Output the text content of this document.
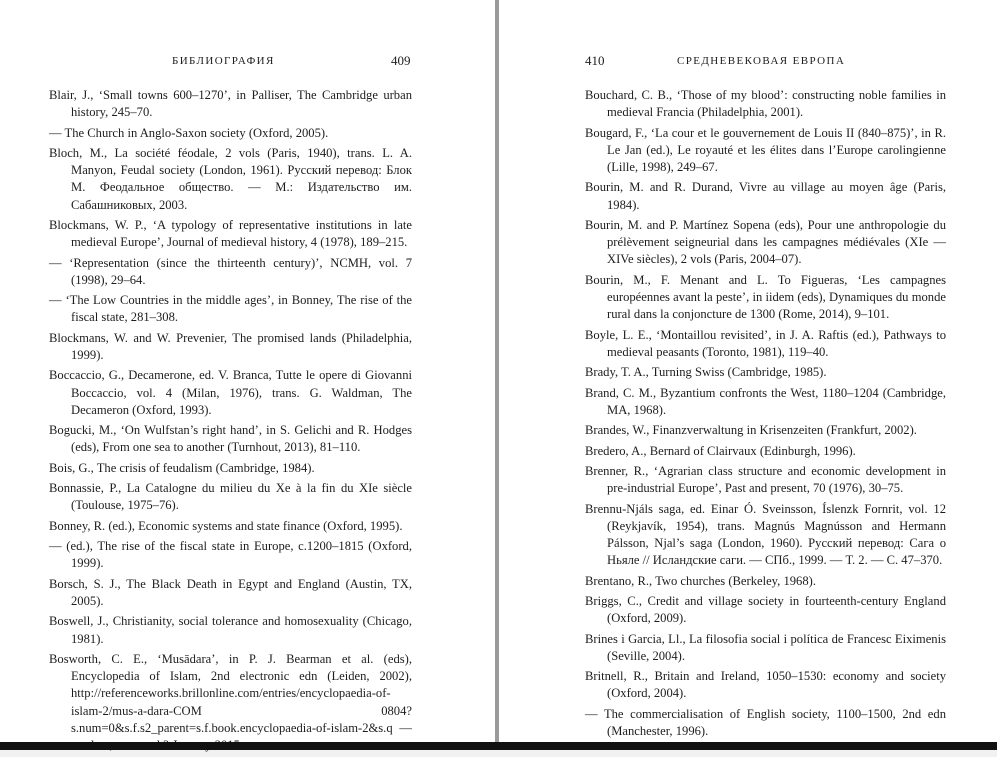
БИБЛИОГРАФИЯ	409

Blair, J., ‘Small towns 600–1270’, in Palliser, The Cambridge urban history, 245–70.

— The Church in Anglo-Saxon society (Oxford, 2005).

Bloch, M., La société féodale, 2 vols (Paris, 1940), trans. L. A. Manyon, Feudal society (London, 1961). Русский перевод: Блок М. Феодальное общество. — М.: Издательство им. Сабашниковых, 2003.

Blockmans, W. P., ‘A typology of representative institutions in late medieval Europe’, Journal of medieval history, 4 (1978), 189–215.

— ‘Representation (since the thirteenth century)’, NCMH, vol. 7 (1998), 29–64.

— ‘The Low Countries in the middle ages’, in Bonney, The rise of the fiscal state, 281–308.

Blockmans, W. and W. Prevenier, The promised lands (Philadelphia, 1999).

Boccaccio, G., Decamerone, ed. V. Branca, Tutte le opere di Giovanni Boccaccio, vol. 4 (Milan, 1976), trans. G. Waldman, The Decameron (Oxford, 1993).

Bogucki, M., ‘On Wulfstan’s right hand’, in S. Gelichi and R. Hodges (eds), From one sea to another (Turnhout, 2013), 81–110.

Bois, G., The crisis of feudalism (Cambridge, 1984).

Bonnassie, P., La Catalogne du milieu du Xe à la fin du XIe siècle (Toulouse, 1975–76).

Bonney, R. (ed.), Economic systems and state finance (Oxford, 1995).

— (ed.), The rise of the fiscal state in Europe, c.1200–1815 (Oxford, 1999).

Borsch, S. J., The Black Death in Egypt and England (Austin, TX, 2005).

Boswell, J., Christianity, social tolerance and homosexuality (Chicago, 1981).

Bosworth, C. E., ‘Musādara’, in P. J. Bearman et al. (eds), Encyclopedia of Islam, 2nd electronic edn (Leiden, 2002), http://referenceworks.brillonline.com/entries/encyclopaedia-of-islam-2/mus-a-dara-COM 0804?s.num=0&s.f.s2_parent=s.f.book.encyclopaedia-of-islam-2&s.q —

410	СРЕДНЕВЕКОВАЯ ЕВРОПА

Bouchard, C. B., ‘Those of my blood’: constructing noble families in medieval Francia (Philadelphia, 2001).

Bougard, F., ‘La cour et le gouvernement de Louis II (840–875)’, in R. Le Jan (ed.), Le royauté et les élites dans l’Europe carolingienne (Lille, 1998), 249–67.

Bourin, M. and R. Durand, Vivre au village au moyen âge (Paris, 1984).

Bourin, M. and P. Martínez Sopena (eds), Pour une anthropologie du prélèvement seigneurial dans les campagnes médiévales (XIe — XIVe siècles), 2 vols (Paris, 2004–07).

Bourin, M., F. Menant and L. To Figueras, ‘Les campagnes européennes avant la peste’, in iidem (eds), Dynamiques du monde rural dans la conjoncture de 1300 (Rome, 2014), 9–101.

Boyle, L. E., ‘Montaillou revisited’, in J. A. Raftis (ed.), Pathways to medieval peasants (Toronto, 1981), 119–40.

Brady, T. A., Turning Swiss (Cambridge, 1985).

Brand, C. M., Byzantium confronts the West, 1180–1204 (Cambridge, MA, 1968).

Brandes, W., Finanzverwaltung in Krisenzeiten (Frankfurt, 2002).

Bredero, A., Bernard of Clairvaux (Edinburgh, 1996).

Brenner, R., ‘Agrarian class structure and economic development in pre-industrial Europe’, Past and present, 70 (1976), 30–75.

Brennu-Njáls saga, ed. Einar Ó. Sveinsson, Íslenzk Fornrit, vol. 12 (Reykjavík, 1954), trans. Magnús Magnússon and Hermann Pálsson, Njal’s saga (London, 1960). Русский перевод: Сага о Ньяле // Исландские саги. — СПб., 1999. — Т. 2. — С. 47–370.

Brentano, R., Two churches (Berkeley, 1968).

Briggs, C., Credit and village society in fourteenth-century England (Oxford, 2009).

Brines i Garcia, Ll., La filosofia social i política de Francesc Eiximenis (Seville, 2004).

Britnell, R., Britain and Ireland, 1050–1530: economy and society (Oxford, 2004).

— The commercialisation of English society, 1100–1500, 2nd edn (Manchester, 1996).
